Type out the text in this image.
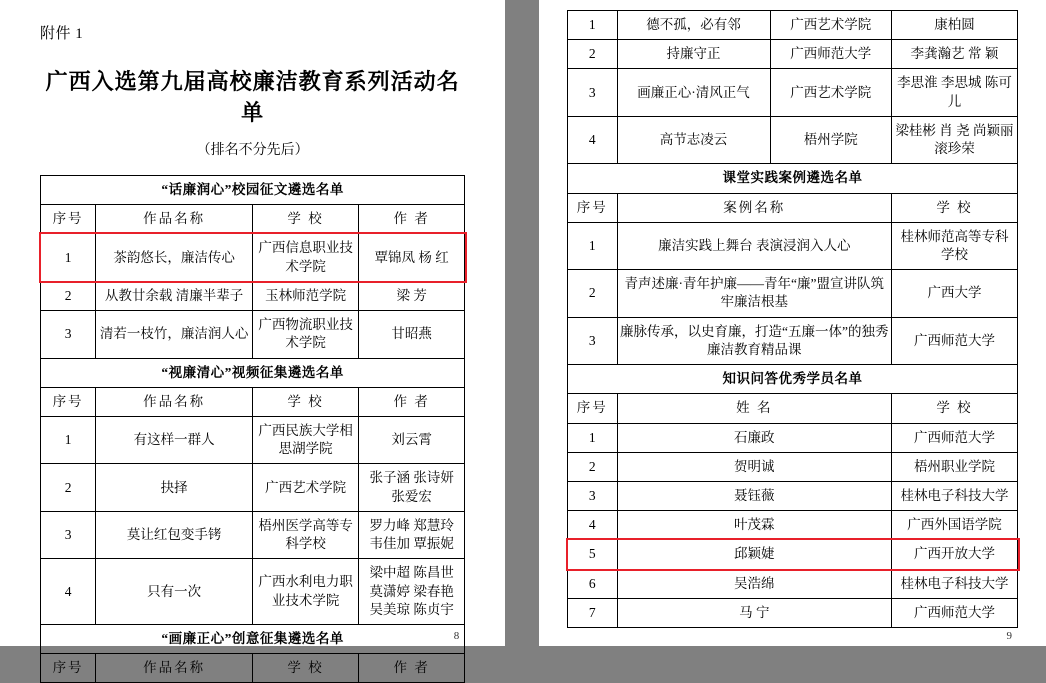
附件 1
广西入选第九届高校廉洁教育系列活动名单
（排名不分先后）
“话廉润心”校园征文遴选名单			
序号	作品名称	学 校	作 者
1	茶韵悠长，廉洁传心	广西信息职业技术学院	覃锦凤 杨 红
2	从教廿余载 清廉半辈子	玉林师范学院	梁 芳
3	清若一枝竹，廉洁润人心	广西物流职业技术学院	甘昭燕
“视廉清心”视频征集遴选名单			
序号	作品名称	学 校	作 者
1	有这样一群人	广西民族大学相思湖学院	刘云霄
2	抉择	广西艺术学院	张子涵 张诗妍 张爱宏
3	莫让红包变手铐	梧州医学高等专科学校	罗力峰 郑慧玲 韦佳加 覃振妮
4	只有一次	广西水利电力职业技术学院	梁中超 陈昌世 莫潇婷 梁春艳 吴美琼 陈贞宇
“画廉正心”创意征集遴选名单			
序号	作品名称	学 校	作 者
8
1	德不孤，必有邻	广西艺术学院	康柏圆
2	持廉守正	广西师范大学	李龚瀚艺 常 颖
3	画廉正心·清风正气	广西艺术学院	李思淮 李思城 陈可儿
4	高节志凌云	梧州学院	梁桂彬 肖 尧 尚颖丽 滚珍荣
课堂实践案例遴选名单			
序号	案例名称		学 校
1	廉洁实践上舞台 表演浸润入人心		桂林师范高等专科学校
2	青声述廉·青年护廉——青年“廉”盟宣讲队筑牢廉洁根基		广西大学
3	廉脉传承，以史育廉，打造“五廉一体”的独秀廉洁教育精品课		广西师范大学
知识问答优秀学员名单			
序号	姓 名		学 校
1	石廉政		广西师范大学
2	贺明诚		梧州职业学院
3	聂钰薇		桂林电子科技大学
4	叶茂霖		广西外国语学院
5	邱颖婕		广西开放大学
6	吴浩绵		桂林电子科技大学
7	马 宁		广西师范大学
9
